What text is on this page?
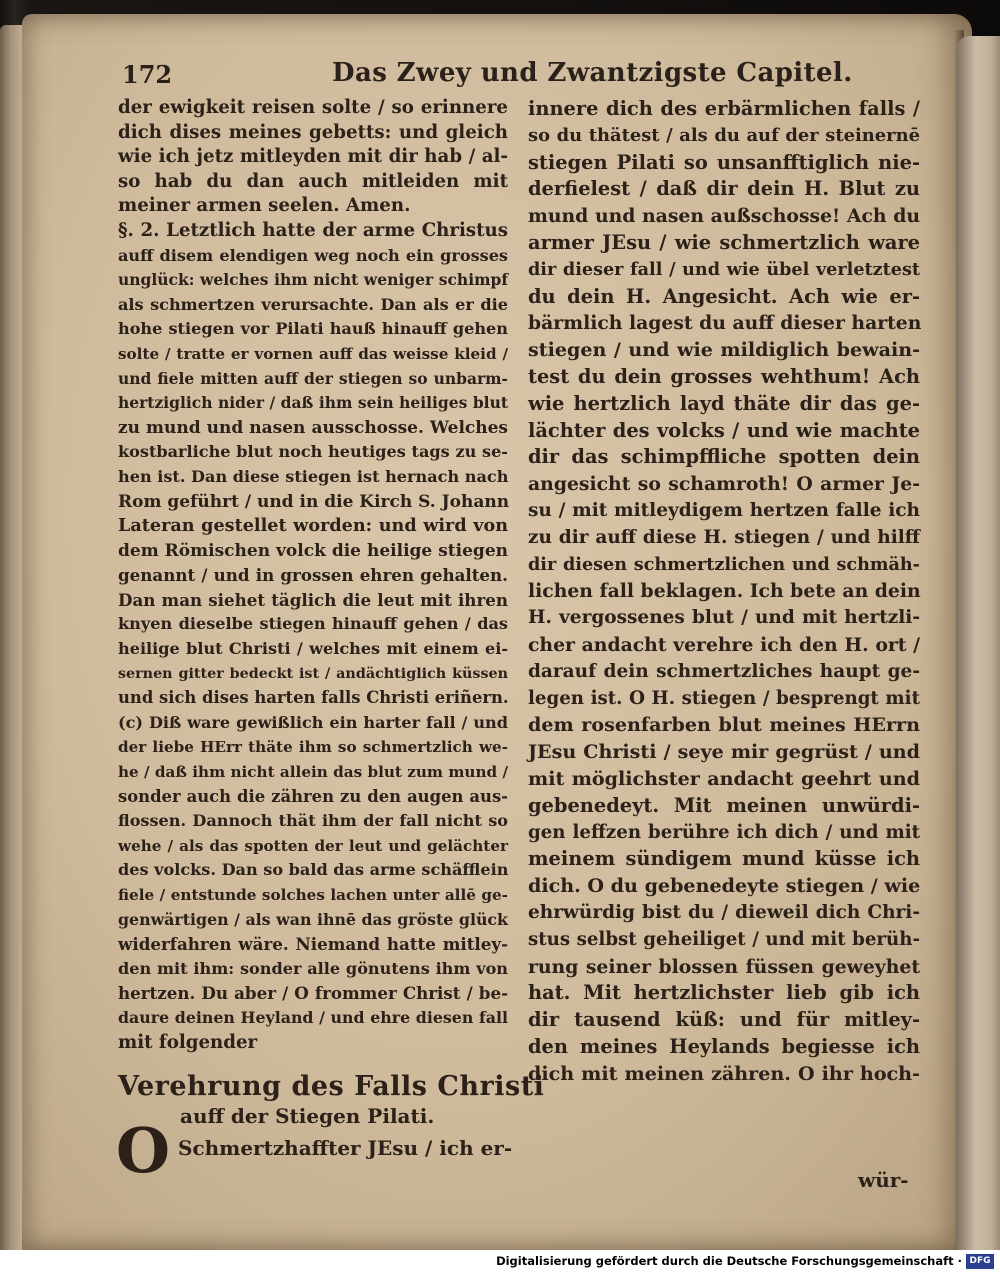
172	Das Zwey und Zwantzigste Capitel.
der ewigkeit reisen solte / so erinnere
dich dises meines gebetts: und gleich
wie ich jetz mitleyden mit dir hab / al-
so hab du dan auch mitleiden mit
meiner armen seelen. Amen.
§. 2. Letztlich hatte der arme Christus
auff disem elendigen weg noch ein grosses
unglück: welches ihm nicht weniger schimpf
als schmertzen verursachte. Dan als er die
hohe stiegen vor Pilati hauß hinauff gehen
solte / tratte er vornen auff das weisse kleid /
und fiele mitten auff der stiegen so unbarm-
hertziglich nider / daß ihm sein heiliges blut
zu mund und nasen ausschosse. Welches
kostbarliche blut noch heutiges tags zu se-
hen ist. Dan diese stiegen ist hernach nach
Rom geführt / und in die Kirch S. Johann
Lateran gestellet worden: und wird von
dem Römischen volck die heilige stiegen
genannt / und in grossen ehren gehalten.
Dan man siehet täglich die leut mit ihren
knyen dieselbe stiegen hinauff gehen / das
heilige blut Christi / welches mit einem ei-
sernen gitter bedeckt ist / andächtiglich küssen
und sich dises harten falls Christi eriñern.
(c) Diß ware gewißlich ein harter fall / und
der liebe HErr thäte ihm so schmertzlich we-
he / daß ihm nicht allein das blut zum mund /
sonder auch die zähren zu den augen aus-
flossen. Dannoch thät ihm der fall nicht so
wehe / als das spotten der leut und gelächter
des volcks. Dan so bald das arme schäfflein
fiele / entstunde solches lachen unter allē ge-
genwärtigen / als wan ihnē das gröste glück
widerfahren wäre. Niemand hatte mitley-
den mit ihm: sonder alle gönutens ihm von
hertzen. Du aber / O frommer Christ / be-
daure deinen Heyland / und ehre diesen fall
mit folgender
Verehrung des Falls Christi
auff der Stiegen Pilati.
O Schmertzhaffter JEsu / ich er-
innere dich des erbärmlichen falls /
so du thätest / als du auf der steinernē
stiegen Pilati so unsanfftiglich nie-
derfielest / daß dir dein H. Blut zu
mund und nasen außschosse! Ach du
armer JEsu / wie schmertzlich ware
dir dieser fall / und wie übel verletztest
du dein H. Angesicht. Ach wie er-
bärmlich lagest du auff dieser harten
stiegen / und wie mildiglich bewain-
test du dein grosses wehthum! Ach
wie hertzlich layd thäte dir das ge-
lächter des volcks / und wie machte
dir das schimpffliche spotten dein
angesicht so schamroth! O armer Je-
su / mit mitleydigem hertzen falle ich
zu dir auff diese H. stiegen / und hilff
dir diesen schmertzlichen und schmäh-
lichen fall beklagen. Ich bete an dein
H. vergossenes blut / und mit hertzli-
cher andacht verehre ich den H. ort /
darauf dein schmertzliches haupt ge-
legen ist. O H. stiegen / besprengt mit
dem rosenfarben blut meines HErrn
JEsu Christi / seye mir gegrüst / und
mit möglichster andacht geehrt und
gebenedeyt. Mit meinen unwürdi-
gen leffzen berühre ich dich / und mit
meinem sündigem mund küsse ich
dich. O du gebenedeyte stiegen / wie
ehrwürdig bist du / dieweil dich Chri-
stus selbst geheiliget / und mit berüh-
rung seiner blossen füssen geweyhet
hat. Mit hertzlichster lieb gib ich
dir tausend küß: und für mitley-
den meines Heylands begiesse ich
dich mit meinen zähren. O ihr hoch-
wür-
Digitalisierung gefördert durch die Deutsche Forschungsgemeinschaft · DFG
